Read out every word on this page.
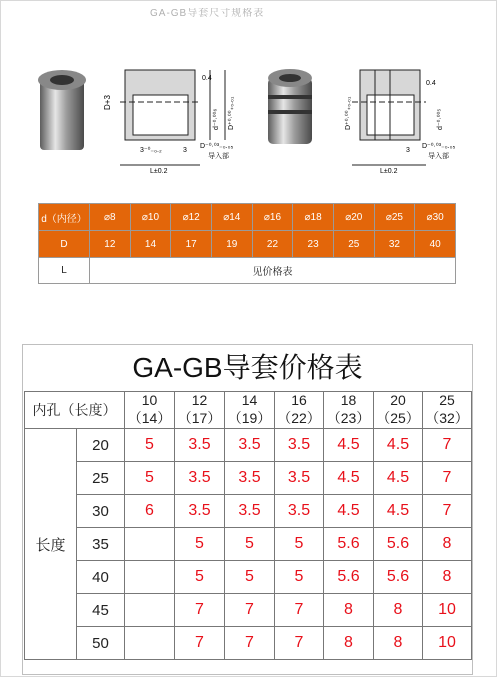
GA-GB导套尺寸规格表
D+3
0.4
d⁻⁰·⁰⁰⁶ D⁺⁰·⁰⁰₊₀.₀₁
3⁻⁰₋₀.₂	3
D⁻⁰·⁰³₋₀.₀₅
导入部
L±0.2
0.4
D⁺⁰·⁰⁰₊₀.₀₁	d⁻⁰·⁰⁰⁵
3
D⁻⁰·⁰³₋₀.₀₅
导入部
L±0.2
d（内径）	⌀8	⌀10	⌀12	⌀14	⌀16	⌀18	⌀20	⌀25	⌀30
D	12	14	17	19	22	23	25	32	40
L	见价格表								
GA-GB导套价格表
内孔（长度）		10（14）	12（17）	14（19）	16（22）	18（23）	20（25）	25（32）
长度	20	5	3.5	3.5	3.5	4.5	4.5	7
	25	5	3.5	3.5	3.5	4.5	4.5	7
	30	6	3.5	3.5	3.5	4.5	4.5	7
	35		5	5	5	5.6	5.6	8
	40		5	5	5	5.6	5.6	8
	45		7	7	7	8	8	10
	50		7	7	7	8	8	10
